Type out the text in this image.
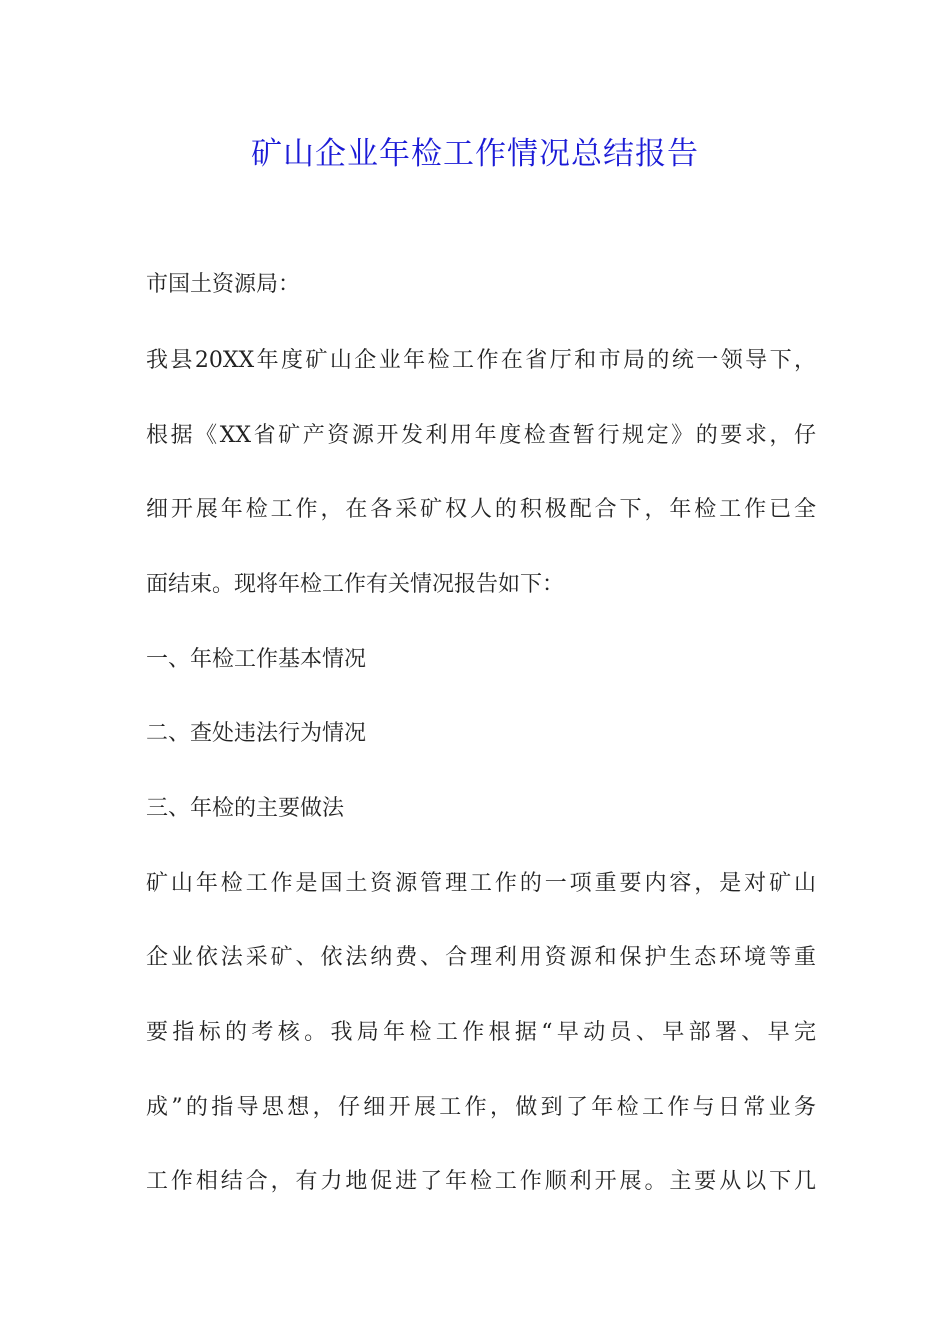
矿山企业年检工作情况总结报告

市国土资源局：

我县20XX年度矿山企业年检工作在省厅和市局的统一领导下，

根据《XX省矿产资源开发利用年度检查暂行规定》的要求，仔

细开展年检工作，在各采矿权人的积极配合下，年检工作已全

面结束。现将年检工作有关情况报告如下：

一、年检工作基本情况

二、查处违法行为情况

三、年检的主要做法

矿山年检工作是国土资源管理工作的一项重要内容，是对矿山

企业依法采矿、依法纳费、合理利用资源和保护生态环境等重

要指标的考核。我局年检工作根据“早动员、早部署、早完

成”的指导思想，仔细开展工作，做到了年检工作与日常业务

工作相结合，有力地促进了年检工作顺利开展。主要从以下几
